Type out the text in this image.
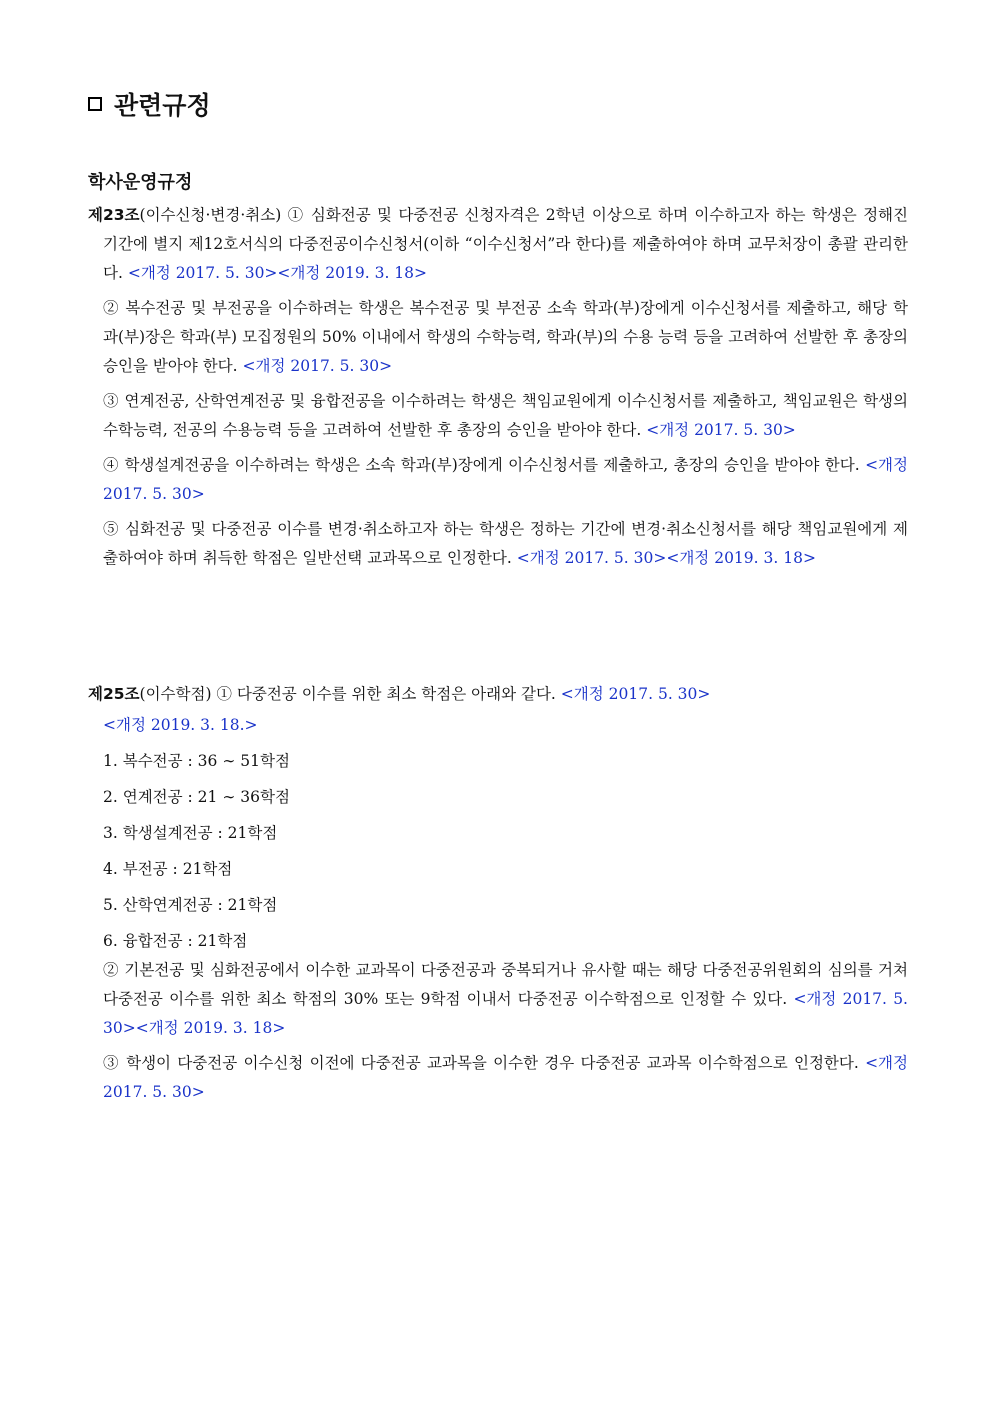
관련규정
학사운영규정

제23조(이수신청·변경·취소) ① 심화전공 및 다중전공 신청자격은 2학년 이상으로 하며 이수하고자 하는 학생은 정해진 기간에 별지 제12호서식의 다중전공이수신청서(이하 “이수신청서”라 한다)를 제출하여야 하며 교무처장이 총괄 관리한다. <개정 2017. 5. 30><개정 2019. 3. 18>

② 복수전공 및 부전공을 이수하려는 학생은 복수전공 및 부전공 소속 학과(부)장에게 이수신청서를 제출하고, 해당 학과(부)장은 학과(부) 모집정원의 50% 이내에서 학생의 수학능력, 학과(부)의 수용 능력 등을 고려하여 선발한 후 총장의 승인을 받아야 한다. <개정 2017. 5. 30>

③ 연계전공, 산학연계전공 및 융합전공을 이수하려는 학생은 책임교원에게 이수신청서를 제출하고, 책임교원은 학생의 수학능력, 전공의 수용능력 등을 고려하여 선발한 후 총장의 승인을 받아야 한다. <개정 2017. 5. 30>

④ 학생설계전공을 이수하려는 학생은 소속 학과(부)장에게 이수신청서를 제출하고, 총장의 승인을 받아야 한다. <개정 2017. 5. 30>

⑤ 심화전공 및 다중전공 이수를 변경·취소하고자 하는 학생은 정하는 기간에 변경·취소신청서를 해당 책임교원에게 제출하여야 하며 취득한 학점은 일반선택 교과목으로 인정한다. <개정 2017. 5. 30><개정 2019. 3. 18>

제25조(이수학점) ① 다중전공 이수를 위한 최소 학점은 아래와 같다. <개정 2017. 5. 30>

<개정 2019. 3. 18.>
1. 복수전공 : 36 ∼ 51학점
2. 연계전공 : 21 ∼ 36학점
3. 학생설계전공 : 21학점
4. 부전공 : 21학점
5. 산학연계전공 : 21학점
6. 융합전공 : 21학점

② 기본전공 및 심화전공에서 이수한 교과목이 다중전공과 중복되거나 유사할 때는 해당 다중전공위원회의 심의를 거쳐 다중전공 이수를 위한 최소 학점의 30% 또는 9학점 이내서 다중전공 이수학점으로 인정할 수 있다. <개정 2017. 5. 30><개정 2019. 3. 18>

③ 학생이 다중전공 이수신청 이전에 다중전공 교과목을 이수한 경우 다중전공 교과목 이수학점으로 인정한다. <개정 2017. 5. 30>
